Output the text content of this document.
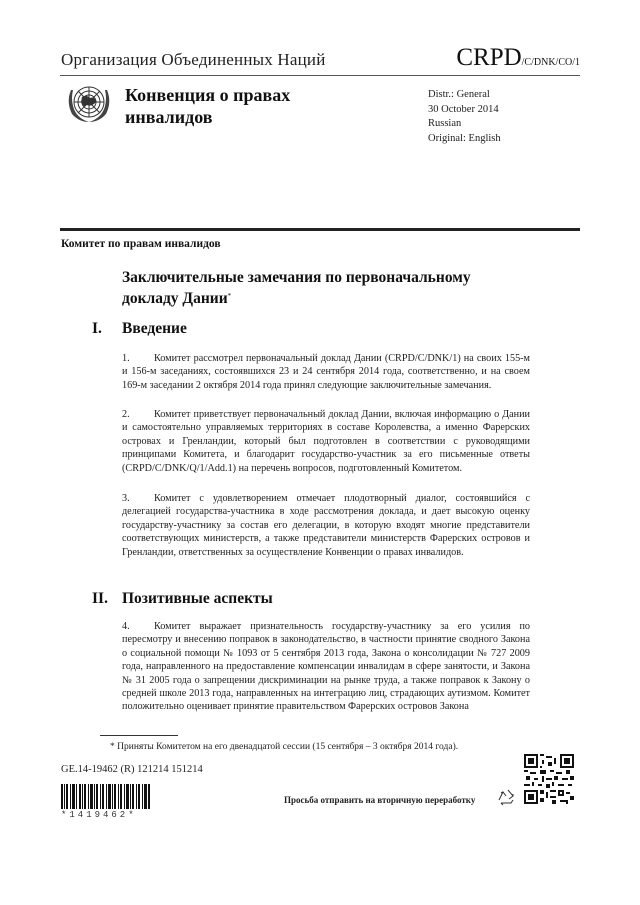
Организация Объединенных Наций	CRPD/C/DNK/CO/1
Конвенция о правах
инвалидов
Distr.: General
30 October 2014
Russian
Original: English
Комитет по правам инвалидов
Заключительные замечания по первоначальному
докладу Дании*
I. Введение
1. Комитет рассмотрел первоначальный доклад Дании (CRPD/C/DNK/1) на своих 155-м и 156-м заседаниях, состоявшихся 23 и 24 сентября 2014 года, соответственно, и на своем 169-м заседании 2 октября 2014 года принял следующие заключительные замечания.
2. Комитет приветствует первоначальный доклад Дании, включая информацию о Дании и самостоятельно управляемых территориях в составе Королевства, а именно Фарерских островах и Гренландии, который был подготовлен в соответствии с руководящими принципами Комитета, и благодарит государство-участник за его письменные ответы (CRPD/C/DNK/Q/1/Add.1) на перечень вопросов, подготовленный Комитетом.
3. Комитет с удовлетворением отмечает плодотворный диалог, состоявшийся с делегацией государства-участника в ходе рассмотрения доклада, и дает высокую оценку государству-участнику за состав его делегации, в которую входят многие представители соответствующих министерств, а также представители министерств Фарерских островов и Гренландии, ответственных за осуществление Конвенции о правах инвалидов.
II. Позитивные аспекты
4. Комитет выражает признательность государству-участнику за его усилия по пересмотру и внесению поправок в законодательство, в частности принятие сводного Закона о социальной помощи № 1093 от 5 сентября 2013 года, Закона о консолидации № 727 2009 года, направленного на предоставление компенсации инвалидам в сфере занятости, и Закона № 31 2005 года о запрещении дискриминации на рынке труда, а также поправок к Закону о средней школе 2013 года, направленных на интеграцию лиц, страдающих аутизмом. Комитет положительно оценивает принятие правительством Фарерских островов Закона
* Приняты Комитетом на его двенадцатой сессии (15 сентября – 3 октября 2014 года).
GE.14-19462 (R) 121214 151214
*1419462*
Просьба отправить на вторичную переработку
